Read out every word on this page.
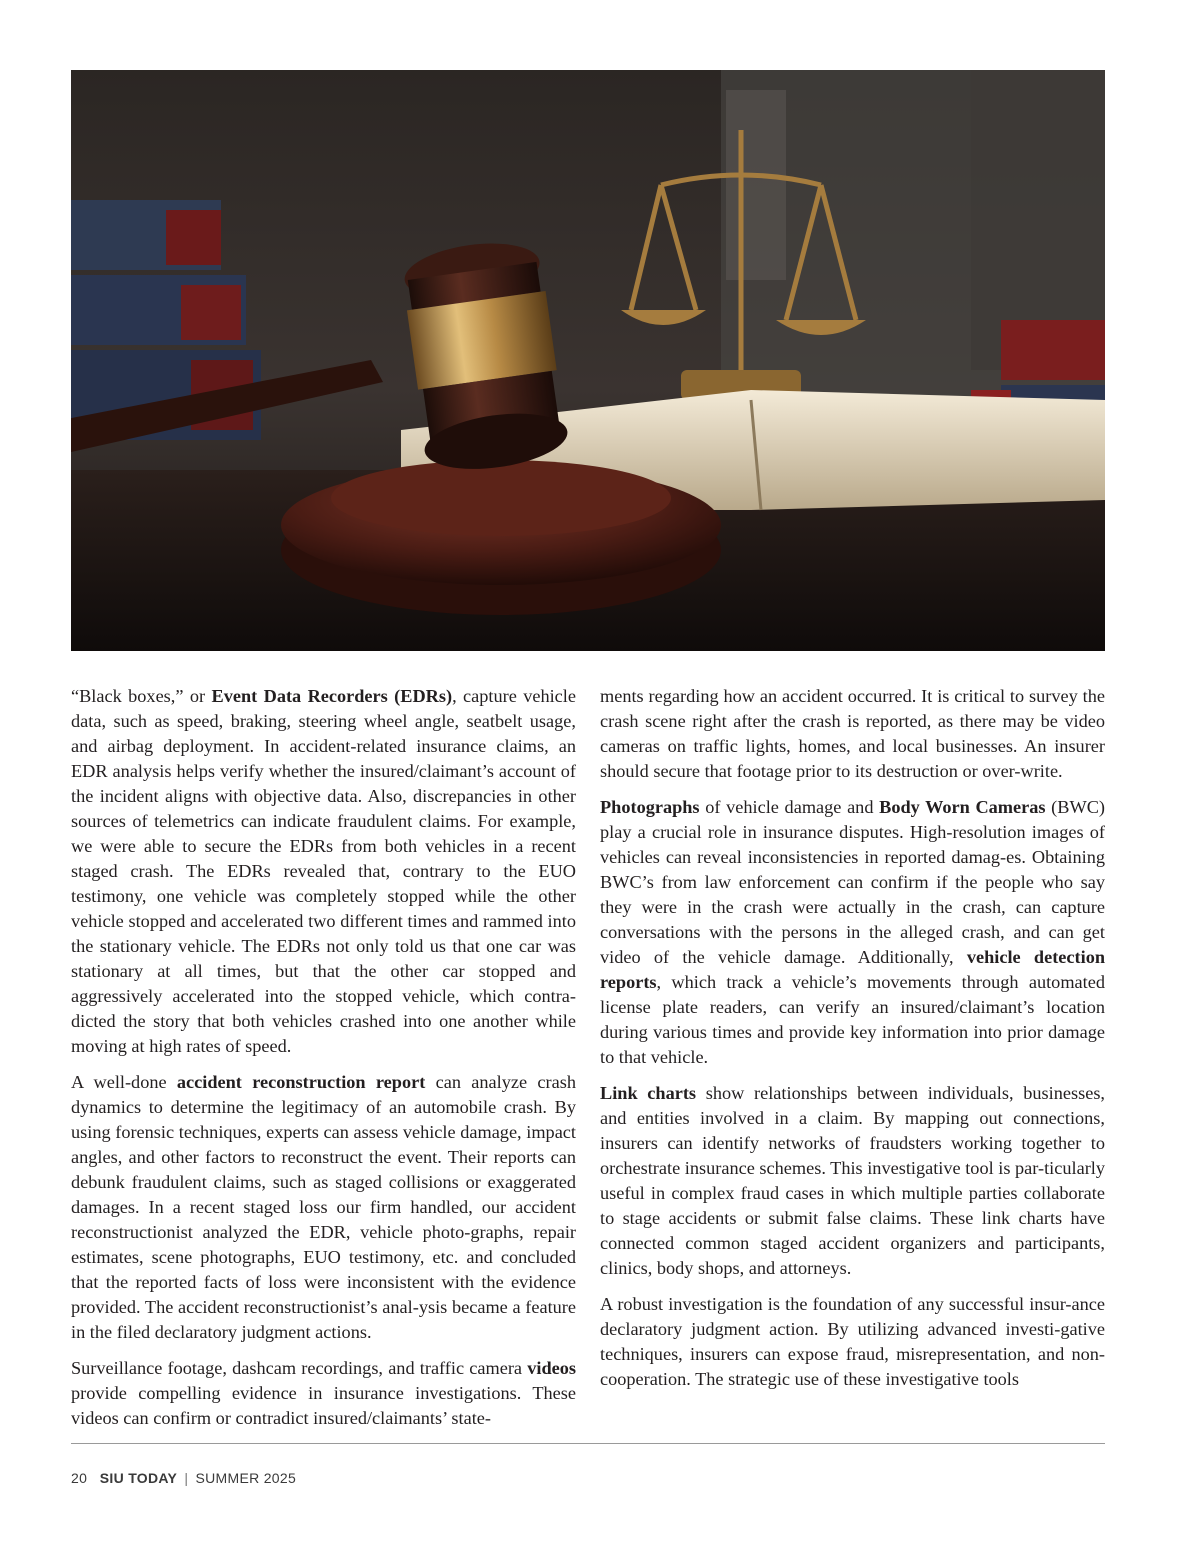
“Black boxes,” or Event Data Recorders (EDRs), capture vehicle data, such as speed, braking, steering wheel angle, seatbelt usage, and airbag deployment. In accident-related insurance claims, an EDR analysis helps verify whether the insured/claimant’s account of the incident aligns with objective data. Also, discrepancies in other sources of telemetrics can indicate fraudulent claims. For example, we were able to secure the EDRs from both vehicles in a recent staged crash. The EDRs revealed that, contrary to the EUO testimony, one vehicle was completely stopped while the other vehicle stopped and accelerated two different times and rammed into the stationary vehicle. The EDRs not only told us that one car was stationary at all times, but that the other car stopped and aggressively accelerated into the stopped vehicle, which contra-dicted the story that both vehicles crashed into one another while moving at high rates of speed.

A well-done accident reconstruction report can analyze crash dynamics to determine the legitimacy of an automobile crash. By using forensic techniques, experts can assess vehicle damage, impact angles, and other factors to reconstruct the event. Their reports can debunk fraudulent claims, such as staged collisions or exaggerated damages. In a recent staged loss our firm handled, our accident reconstructionist analyzed the EDR, vehicle photo-graphs, repair estimates, scene photographs, EUO testimony, etc. and concluded that the reported facts of loss were inconsistent with the evidence provided. The accident reconstructionist’s anal-ysis became a feature in the filed declaratory judgment actions.

Surveillance footage, dashcam recordings, and traffic camera videos provide compelling evidence in insurance investigations. These videos can confirm or contradict insured/claimants’ state-

ments regarding how an accident occurred. It is critical to survey the crash scene right after the crash is reported, as there may be video cameras on traffic lights, homes, and local businesses. An insurer should secure that footage prior to its destruction or over-write.

Photographs of vehicle damage and Body Worn Cameras (BWC) play a crucial role in insurance disputes. High-resolution images of vehicles can reveal inconsistencies in reported damag-es. Obtaining BWC’s from law enforcement can confirm if the people who say they were in the crash were actually in the crash, can capture conversations with the persons in the alleged crash, and can get video of the vehicle damage. Additionally, vehicle detection reports, which track a vehicle’s movements through automated license plate readers, can verify an insured/claimant’s location during various times and provide key information into prior damage to that vehicle.

Link charts show relationships between individuals, businesses, and entities involved in a claim. By mapping out connections, insurers can identify networks of fraudsters working together to orchestrate insurance schemes. This investigative tool is par-ticularly useful in complex fraud cases in which multiple parties collaborate to stage accidents or submit false claims. These link charts have connected common staged accident organizers and participants, clinics, body shops, and attorneys.

A robust investigation is the foundation of any successful insur-ance declaratory judgment action. By utilizing advanced investi-gative techniques, insurers can expose fraud, misrepresentation, and non-cooperation. The strategic use of these investigative tools

20 SIU TODAY | SUMMER 2025
